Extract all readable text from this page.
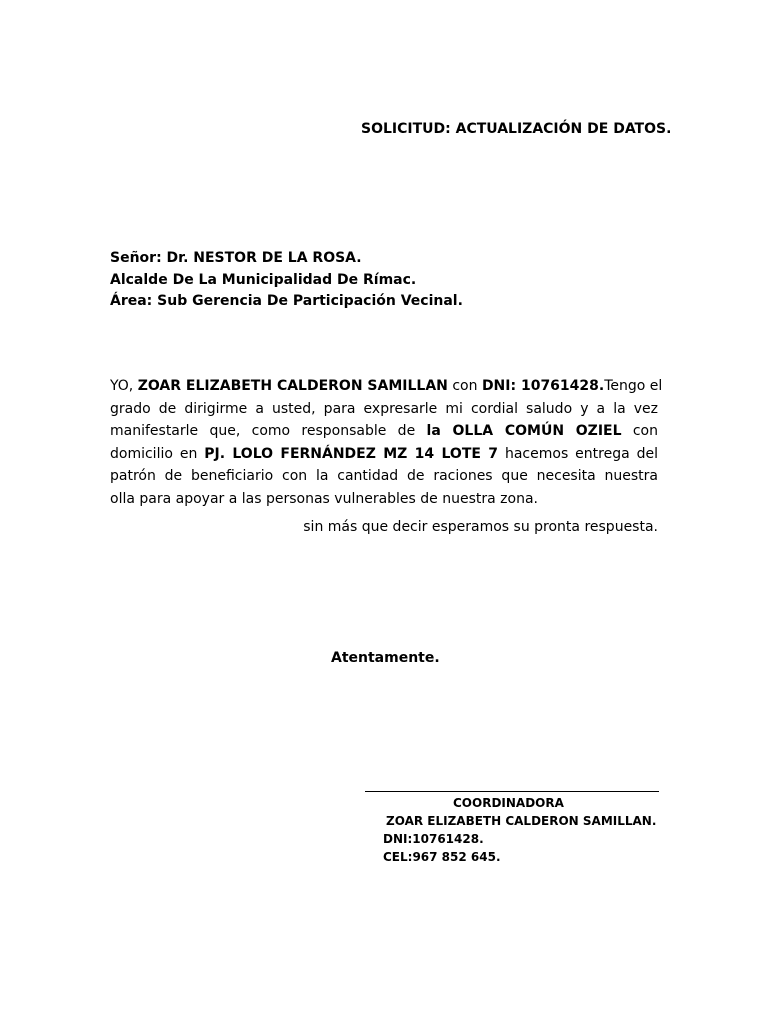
SOLICITUD: ACTUALIZACIÓN DE DATOS.
Señor: Dr. NESTOR DE LA ROSA.
Alcalde De La Municipalidad De Rímac.
Área: Sub Gerencia De Participación Vecinal.
YO, ZOAR ELIZABETH CALDERON SAMILLAN con DNI: 10761428.Tengo el
grado de dirigirme a usted, para expresarle mi cordial saludo y a la vez
manifestarle que, como responsable de la OLLA COMÚN OZIEL con
domicilio en PJ. LOLO FERNÁNDEZ MZ 14 LOTE 7 hacemos entrega del
patrón de beneficiario con la cantidad de raciones que necesita nuestra
olla para apoyar a las personas vulnerables de nuestra zona.
sin más que decir esperamos su pronta respuesta.
Atentamente.
COORDINADORA
ZOAR ELIZABETH CALDERON SAMILLAN.
DNI:10761428.
CEL:967 852 645.
